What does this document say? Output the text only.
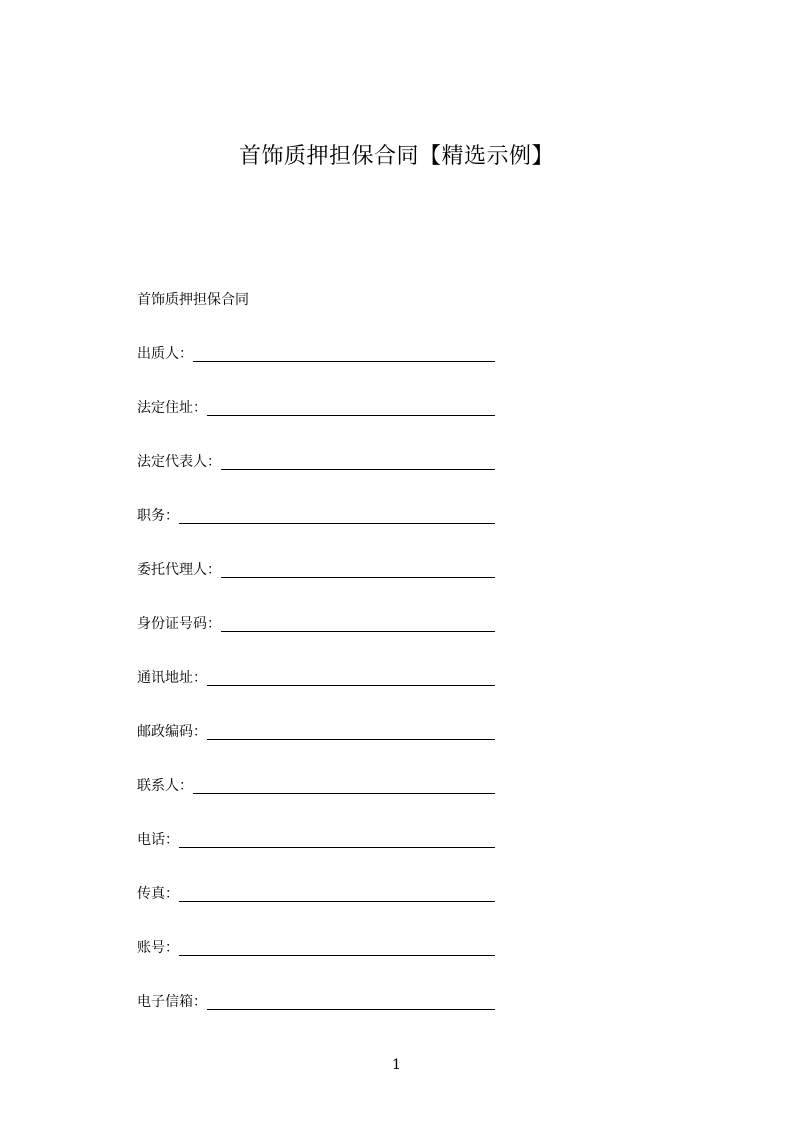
首饰质押担保合同【精选示例】
首饰质押担保合同
出质人：
法定住址：
法定代表人：
职务：
委托代理人：
身份证号码：
通讯地址：
邮政编码：
联系人：
电话：
传真：
账号：
电子信箱：
1
